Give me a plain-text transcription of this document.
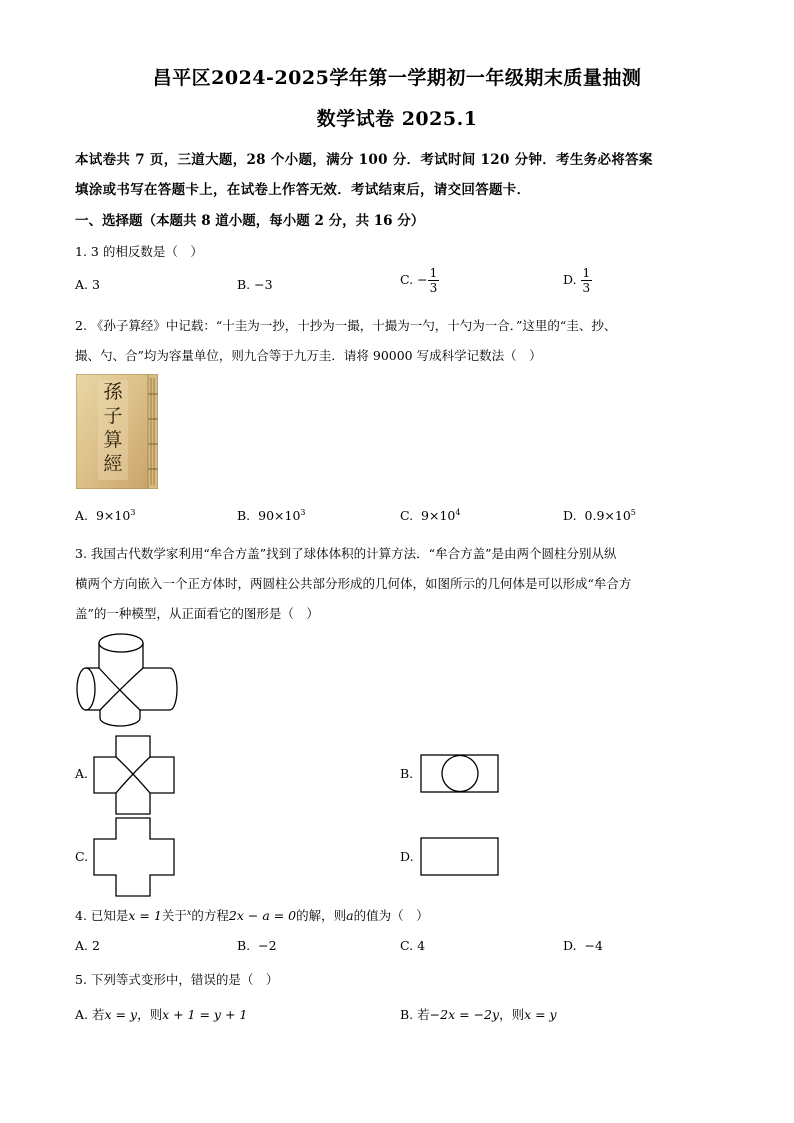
昌平区2024-2025学年第一学期初一年级期末质量抽测
数学试卷 2025.1
本试卷共 7 页，三道大题，28 个小题，满分 100 分．考试时间 120 分钟．考生务必将答案
填涂或书写在答题卡上，在试卷上作答无效．考试结束后，请交回答题卡．
一、选择题（本题共 8 道小题，每小题 2 分，共 16 分）
1. 3 的相反数是（　）
A. 3	B. −3	C. − $\frac{1}{3}$	D. $\frac{1}{3}$
2. 《孙子算经》中记载：“十圭为一抄，十抄为一撮，十撮为一勺，十勺为一合．”这里的“圭、抄、
撮、勺、合”均为容量单位，则九合等于九万圭．请将 90000 写成科学记数法（　）
孫子算經
A. $9\times 10^3$	B. $90\times 10^3$	C. $9\times 10^4$	D. $0.9\times 10^5$
3. 我国古代数学家利用“牟合方盖”找到了球体体积的计算方法．“牟合方盖”是由两个圆柱分别从纵
横两个方向嵌入一个正方体时，两圆柱公共部分形成的几何体，如图所示的几何体是可以形成“牟合方
盖”的一种模型，从正面看它的图形是（　）
A.	B.
C.	D.
4. 已知是x = 1关于$^x$的方程2x − a = 0的解，则a的值为（　）
A. 2	B. −2	C. 4	D. −4
5. 下列等式变形中，错误的是（　）
A. 若x = y，则x + 1 = y + 1	B. 若−2x = −2y，则x = y
